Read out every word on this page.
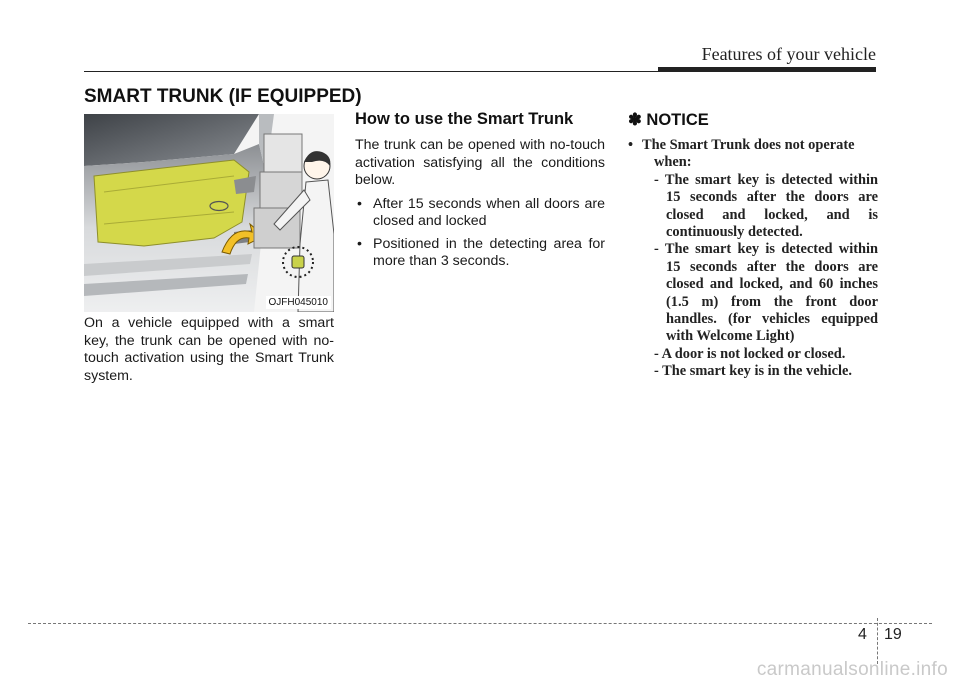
Features of your vehicle
SMART TRUNK (IF EQUIPPED)
OJFH045010

On a vehicle equipped with a smart key, the trunk can be opened with no-touch activation using the Smart Trunk system.

How to use the Smart Trunk

The trunk can be opened with no-touch activation satisfying all the conditions below.

• After 15 seconds when all doors are closed and locked
• Positioned in the detecting area for more than 3 seconds.
✽ NOTICE
• The Smart Trunk does not operate
when:
- The smart key is detected within 15 seconds after the doors are closed and locked, and is continuously detected.
- The smart key is detected within 15 seconds after the doors are closed and locked, and 60 inches (1.5 m) from the front door handles. (for vehicles equipped with Welcome Light)
- A door is not locked or closed.
- The smart key is in the vehicle.
4 19
carmanualsonline.info
